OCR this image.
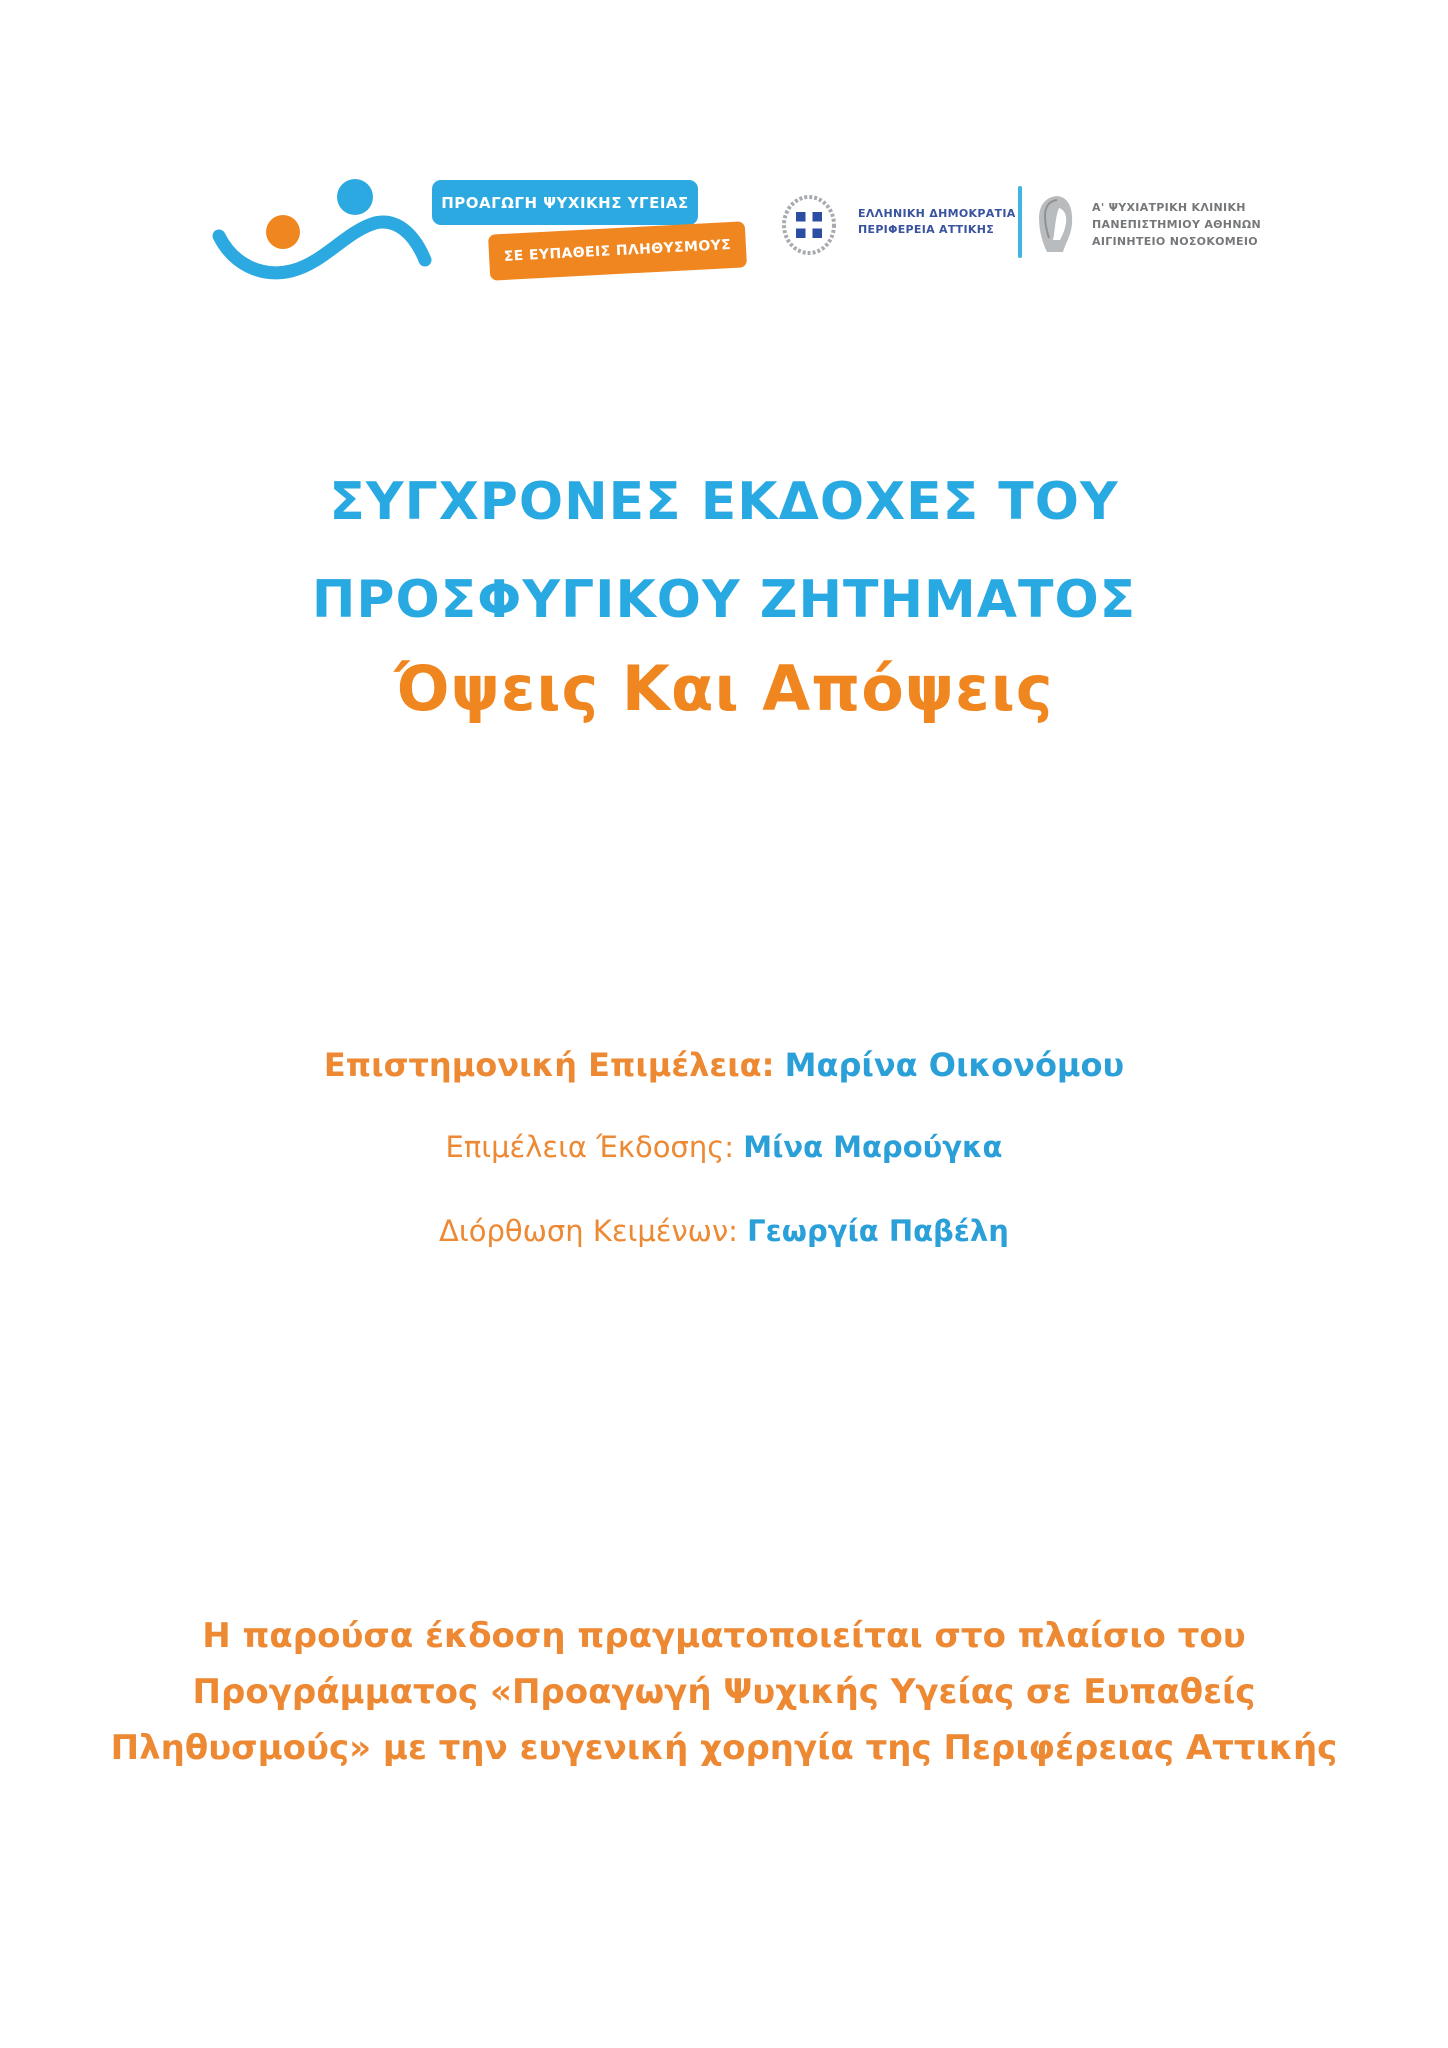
ΠΡΟΑΓΩΓΗ ΨΥΧΙΚΗΣ ΥΓΕΙΑΣ
ΣΕ ΕΥΠΑΘΕΙΣ ΠΛΗΘΥΣΜΟΥΣ
ΕΛΛΗΝΙΚΗ ΔΗΜΟΚΡΑΤΙΑ
ΠΕΡΙΦΕΡΕΙΑ ΑΤΤΙΚΗΣ
Α' ΨΥΧΙΑΤΡΙΚΗ ΚΛΙΝΙΚΗ
ΠΑΝΕΠΙΣΤΗΜΙΟΥ ΑΘΗΝΩΝ
ΑΙΓΙΝΗΤΕΙΟ ΝΟΣΟΚΟΜΕΙΟ
ΣΥΓΧΡΟΝΕΣ ΕΚΔΟΧΕΣ ΤΟΥ
ΠΡΟΣΦΥΓΙΚΟΥ ΖΗΤΗΜΑΤΟΣ
Όψεις Και Απόψεις
Επιστημονική Επιμέλεια: Μαρίνα Οικονόμου
Επιμέλεια Έκδοσης: Μίνα Μαρούγκα
Διόρθωση Κειμένων: Γεωργία Παβέλη
Η παρούσα έκδοση πραγματοποιείται στο πλαίσιο του
Προγράμματος «Προαγωγή Ψυχικής Υγείας σε Ευπαθείς
Πληθυσμούς» με την ευγενική χορηγία της Περιφέρειας Αττικής
